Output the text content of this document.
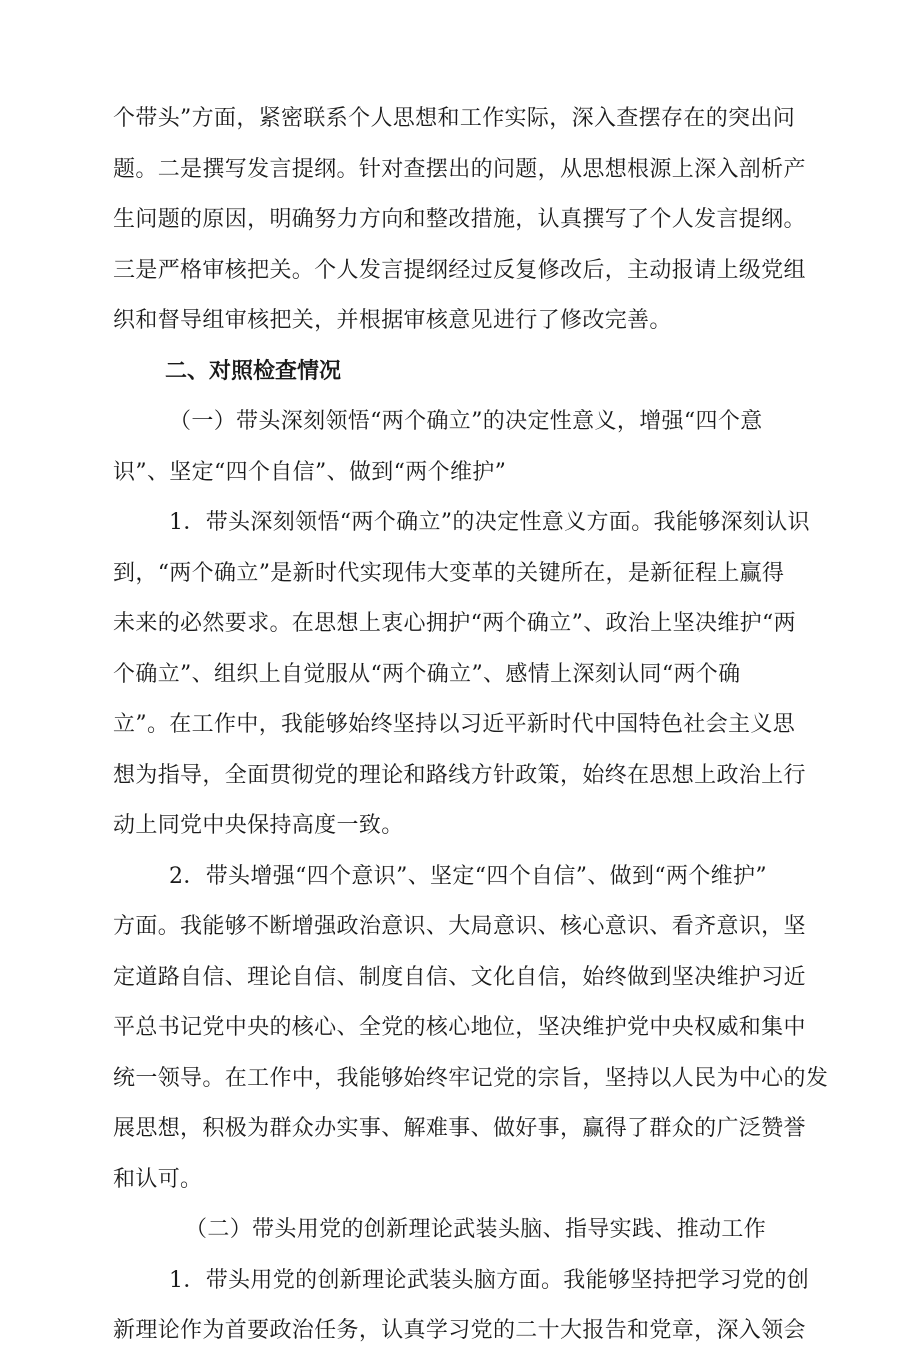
个带头”方面，紧密联系个人思想和工作实际，深入查摆存在的突出问
题。二是撰写发言提纲。针对查摆出的问题，从思想根源上深入剖析产
生问题的原因，明确努力方向和整改措施，认真撰写了个人发言提纲。
三是严格审核把关。个人发言提纲经过反复修改后，主动报请上级党组
织和督导组审核把关，并根据审核意见进行了修改完善。
二、对照检查情况
（一）带头深刻领悟“两个确立”的决定性意义，增强“四个意
识”、坚定“四个自信”、做到“两个维护”
1．带头深刻领悟“两个确立”的决定性意义方面。我能够深刻认识
到，“两个确立”是新时代实现伟大变革的关键所在，是新征程上赢得
未来的必然要求。在思想上衷心拥护“两个确立”、政治上坚决维护“两
个确立”、组织上自觉服从“两个确立”、感情上深刻认同“两个确
立”。在工作中，我能够始终坚持以习近平新时代中国特色社会主义思
想为指导，全面贯彻党的理论和路线方针政策，始终在思想上政治上行
动上同党中央保持高度一致。
2．带头增强“四个意识”、坚定“四个自信”、做到“两个维护”
方面。我能够不断增强政治意识、大局意识、核心意识、看齐意识，坚
定道路自信、理论自信、制度自信、文化自信，始终做到坚决维护习近
平总书记党中央的核心、全党的核心地位，坚决维护党中央权威和集中
统一领导。在工作中，我能够始终牢记党的宗旨，坚持以人民为中心的发
展思想，积极为群众办实事、解难事、做好事，赢得了群众的广泛赞誉
和认可。
（二）带头用党的创新理论武装头脑、指导实践、推动工作
1．带头用党的创新理论武装头脑方面。我能够坚持把学习党的创
新理论作为首要政治任务，认真学习党的二十大报告和党章，深入领会
